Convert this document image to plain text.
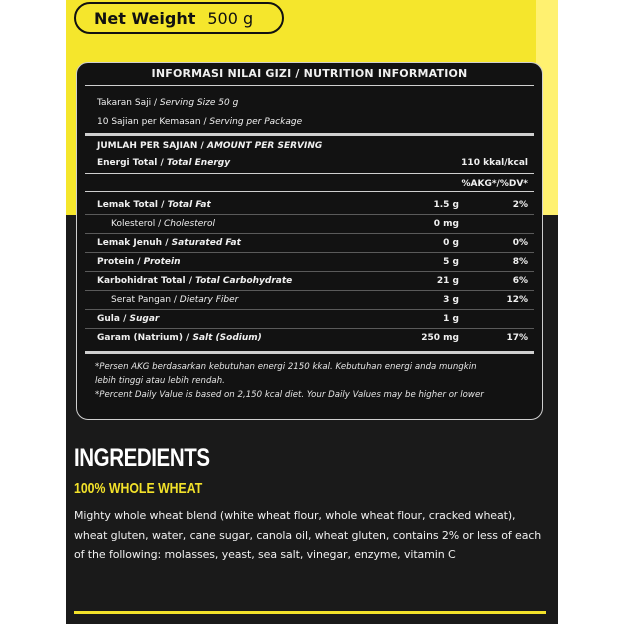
Net Weight 500 g
INFORMASI NILAI GIZI / NUTRITION INFORMATION
Takaran Saji / Serving Size 50 g
10 Sajian per Kemasan / Serving per Package
JUMLAH PER SAJIAN / AMOUNT PER SERVING
Energi Total / Total Energy	110 kkal/kcal
%AKG*/%DV*
Lemak Total / Total Fat	1.5 g	2%
Kolesterol / Cholesterol	0 mg
Lemak Jenuh / Saturated Fat	0 g	0%
Protein / Protein	5 g	8%
Karbohidrat Total / Total Carbohydrate	21 g	6%
Serat Pangan / Dietary Fiber	3 g	12%
Gula / Sugar	1 g
Garam (Natrium) / Salt (Sodium)	250 mg	17%
*Persen AKG berdasarkan kebutuhan energi 2150 kkal. Kebutuhan energi anda mungkin
lebih tinggi atau lebih rendah.
*Percent Daily Value is based on 2,150 kcal diet. Your Daily Values may be higher or lower
INGREDIENTS
100% WHOLE WHEAT
Mighty whole wheat blend (white wheat flour, whole wheat flour, cracked wheat), wheat gluten, water, cane sugar, canola oil, wheat gluten, contains 2% or less of each of the following: molasses, yeast, sea salt, vinegar, enzyme, vitamin C
